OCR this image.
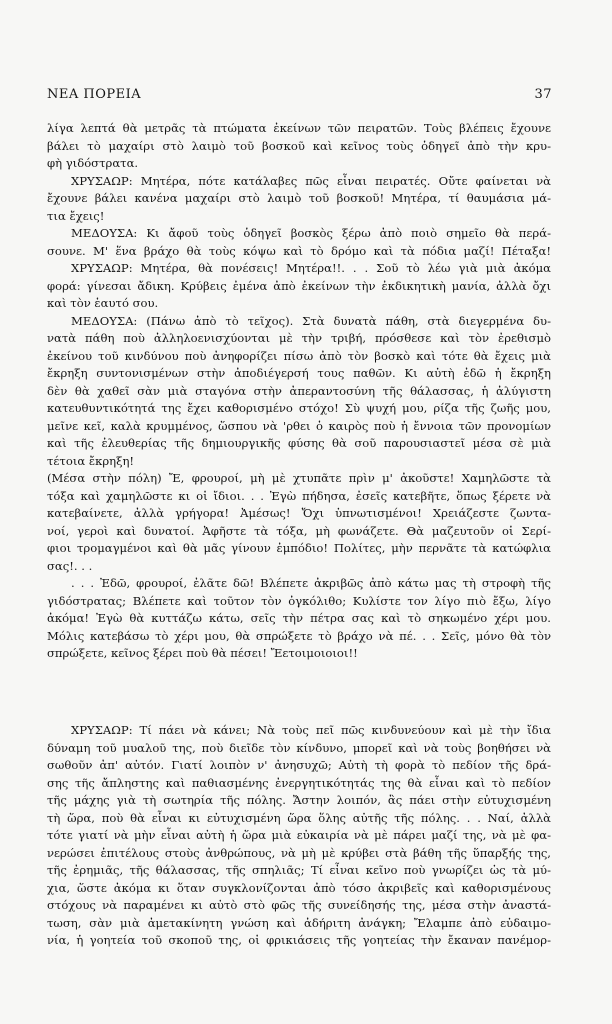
ΝΕΑ ΠΟΡΕΙΑ	37
λίγα λεπτά θὰ μετρᾶς τὰ πτώματα ἐκείνων τῶν πειρατῶν. Τοὺς βλέπεις ἔχουνε
βάλει τὸ μαχαίρι στὸ λαιμὸ τοῦ βοσκοῦ καὶ κεῖνος τοὺς ὁδηγεῖ ἀπὸ τὴν κρυ-
φὴ γιδόστρατα.
ΧΡΥΣΑΩΡ: Μητέρα, πότε κατάλαβες πῶς εἶναι πειρατές. Οὔτε φαίνεται νὰ
ἔχουνε βάλει κανένα μαχαίρι στὸ λαιμὸ τοῦ βοσκοῦ! Μητέρα, τί θαυμάσια μά-
τια ἔχεις!
ΜΕΔΟΥΣΑ: Κι ἄφοῦ τοὺς ὁδηγεῖ βοσκὸς ξέρω ἀπὸ ποιὸ σημεῖο θὰ περά-
σουνε. Μ' ἕνα βράχο θὰ τοὺς κόψω καὶ τὸ δρόμο καὶ τὰ πόδια μαζί! Πέταξα!
ΧΡΥΣΑΩΡ: Μητέρα, θὰ πονέσεις! Μητέρα!!. . . Σοῦ τὸ λέω γιὰ μιὰ ἀκόμα
φορά: γίνεσαι ἄδικη. Κρύβεις ἐμένα ἀπὸ ἐκείνων τὴν ἐκδικητικὴ μανία, ἀλλὰ ὄχι
καὶ τὸν ἑαυτό σου.
ΜΕΔΟΥΣΑ: (Πάνω ἀπὸ τὸ τεῖχος). Στὰ δυνατὰ πάθη, στὰ διεγερμένα δυ-
νατὰ πάθη ποὺ ἀλληλοενισχύονται μὲ τὴν τριβή, πρόσθεσε καὶ τὸν ἐρεθισμὸ
ἐκείνου τοῦ κινδύνου ποὺ ἀνηφορίζει πίσω ἀπὸ τὸν βοσκὸ καὶ τότε θὰ ἔχεις μιὰ
ἔκρηξη συντονισμένων στὴν ἀποδιέγερσή τους παθῶν. Κι αὐτὴ ἐδῶ ἡ ἔκρηξη
δὲν θὰ χαθεῖ σὰν μιὰ σταγόνα στὴν ἀπεραντοσύνη τῆς θάλασσας, ἡ ἀλύγιστη
κατευθυντικότητά της ἔχει καθορισμένο στόχο! Σὺ ψυχή μου, ρίζα τῆς ζωῆς μου,
μεῖνε κεῖ, καλὰ κρυμμένος, ὥσπου νὰ 'ρθει ὁ καιρὸς ποὺ ἡ ἔννοια τῶν προνομίων
καὶ τῆς ἐλευθερίας τῆς δημιουργικῆς φύσης θὰ σοῦ παρουσιαστεῖ μέσα σὲ μιὰ
τέτοια ἔκρηξη!
(Μέσα στὴν πόλη) Ἔ, φρουροί, μὴ μὲ χτυπᾶτε πρὶν μ' ἀκοῦστε! Χαμηλῶστε τὰ
τόξα καὶ χαμηλῶστε κι οἱ ἴδιοι. . . Ἐγὼ πήδησα, ἐσεῖς κατεβῆτε, ὅπως ξέρετε νὰ
κατεβαίνετε, ἀλλὰ γρήγορα! Ἀμέσως! Ὄχι ὑπνωτισμένοι! Χρειάζεστε ζωντα-
νοί, γεροὶ καὶ δυνατοί. Ἀφῆστε τὰ τόξα, μὴ φωνάζετε. Θὰ μαζευτοῦν οἱ Σερί-
φιοι τρομαγμένοι καὶ θὰ μᾶς γίνουν ἐμπόδιο! Πολίτες, μὴν περνᾶτε τὰ κατώφλια
σας!. . .
. . . Ἐδῶ, φρουροί, ἐλᾶτε δῶ! Βλέπετε ἀκριβῶς ἀπὸ κάτω μας τὴ στροφὴ τῆς
γιδόστρατας; Βλέπετε καὶ τοῦτον τὸν ὀγκόλιθο; Κυλίστε τον λίγο πιὸ ἔξω, λίγο
ἀκόμα! Ἐγὼ θὰ κυττάζω κάτω, σεῖς τὴν πέτρα σας καὶ τὸ σηκωμένο χέρι μου.
Μόλις κατεβάσω τὸ χέρι μου, θὰ σπρώξετε τὸ βράχο νὰ πέ. . . Σεῖς, μόνο θὰ τὸν
σπρώξετε, κεῖνος ξέρει ποὺ θὰ πέσει! Ἔετοιμοιοιοι!!
ΧΡΥΣΑΩΡ: Τί πάει νὰ κάνει; Νὰ τοὺς πεῖ πῶς κινδυνεύουν καὶ μὲ τὴν ἴδια
δύναμη τοῦ μυαλοῦ της, ποὺ διεῖδε τὸν κίνδυνο, μπορεῖ καὶ νὰ τοὺς βοηθήσει νὰ
σωθοῦν ἀπ' αὐτόν. Γιατί λοιπὸν ν' ἀνησυχῶ; Αὐτὴ τὴ φορὰ τὸ πεδίον τῆς δρά-
σης τῆς ἄπληστης καὶ παθιασμένης ἐνεργητικότητάς της θὰ εἶναι καὶ τὸ πεδίον
τῆς μάχης γιὰ τὴ σωτηρία τῆς πόλης. Ἄστην λοιπόν, ἂς πάει στὴν εὐτυχισμένη
τὴ ὥρα, ποὺ θὰ εἶναι κι εὐτυχισμένη ὥρα ὅλης αὐτῆς τῆς πόλης. . . Ναί, ἀλλὰ
τότε γιατί νὰ μὴν εἶναι αὐτὴ ἡ ὥρα μιὰ εὐκαιρία νὰ μὲ πάρει μαζί της, νὰ μὲ φα-
νερώσει ἐπιτέλους στοὺς ἀνθρώπους, νὰ μὴ μὲ κρύβει στὰ βάθη τῆς ὕπαρξής της,
τῆς ἐρημιᾶς, τῆς θάλασσας, τῆς σπηλιᾶς; Τί εἶναι κεῖνο ποὺ γνωρίζει ὡς τὰ μύ-
χια, ὥστε ἀκόμα κι ὅταν συγκλονίζονται ἀπὸ τόσο ἀκριβεῖς καὶ καθορισμένους
στόχους νὰ παραμένει κι αὐτὸ στὸ φῶς τῆς συνείδησής της, μέσα στὴν ἀναστά-
τωση, σὰν μιὰ ἀμετακίνητη γνώση καὶ ἀδήριτη ἀνάγκη; Ἔλαμπε ἀπὸ εὐδαιμο-
νία, ἡ γοητεία τοῦ σκοποῦ της, οἱ φρικιάσεις τῆς γοητείας τὴν ἔκαναν πανέμορ-
